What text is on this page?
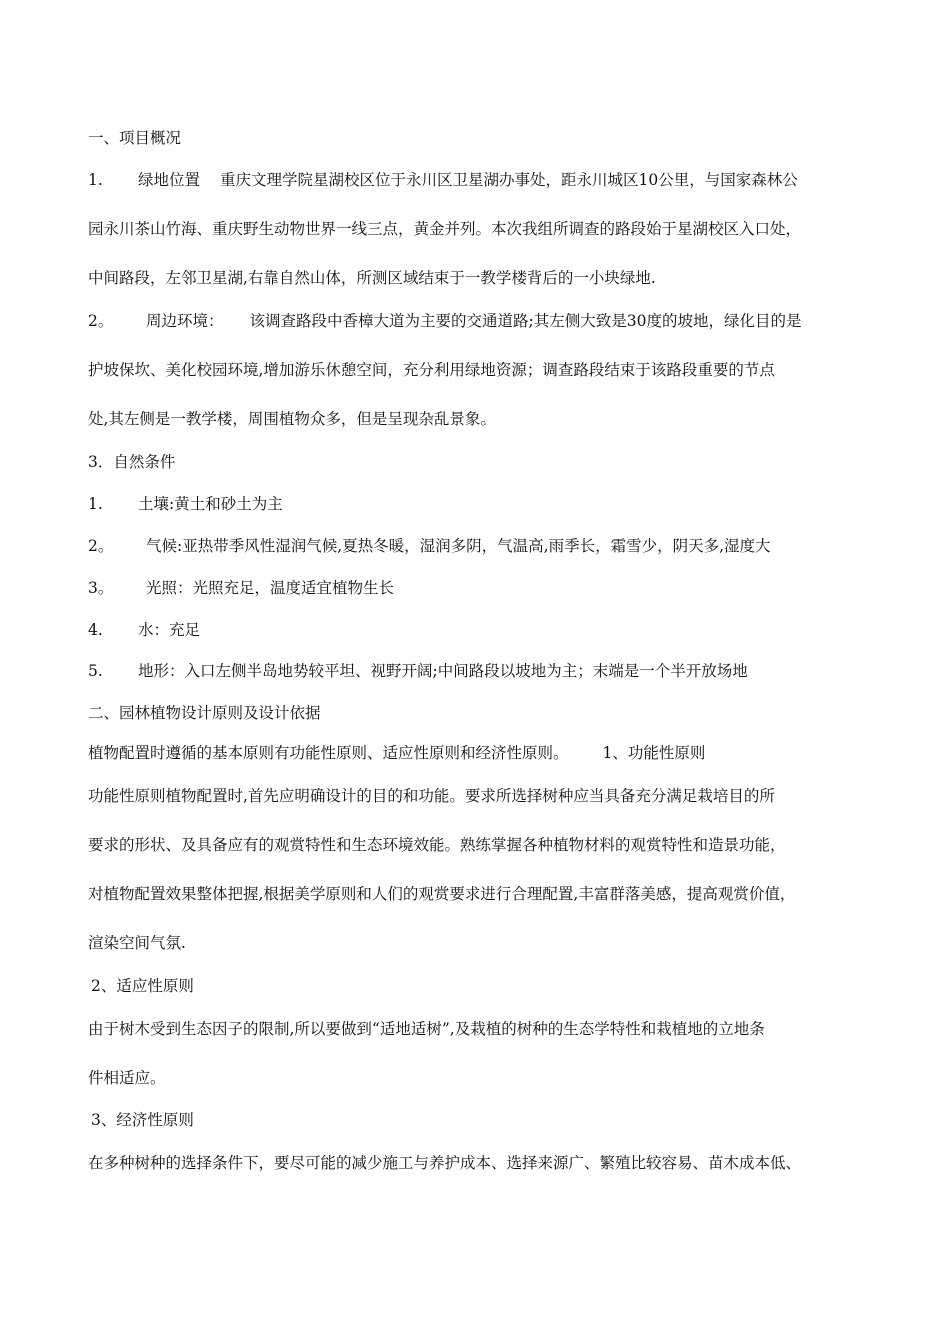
一、项目概况

1. 绿地位置 重庆文理学院星湖校区位于永川区卫星湖办事处，距永川城区10公里，与国家森林公

园永川茶山竹海、重庆野生动物世界一线三点，黄金并列。本次我组所调查的路段始于星湖校区入口处，

中间路段，左邻卫星湖,右靠自然山体，所测区域结束于一教学楼背后的一小块绿地.

2。 周边环境： 该调查路段中香樟大道为主要的交通道路;其左侧大致是30度的坡地，绿化目的是

护坡保坎、美化校园环境,增加游乐休憩空间，充分利用绿地资源；调查路段结束于该路段重要的节点

处,其左侧是一教学楼，周围植物众多，但是呈现杂乱景象。

3．自然条件

1. 土壤:黄土和砂土为主

2。 气候:亚热带季风性湿润气候,夏热冬暖，湿润多阴，气温高,雨季长，霜雪少，阴天多,湿度大

3。 光照：光照充足，温度适宜植物生长

4. 水：充足

5. 地形：入口左侧半岛地势较平坦、视野开阔;中间路段以坡地为主；末端是一个半开放场地

二、园林植物设计原则及设计依据

植物配置时遵循的基本原则有功能性原则、适应性原则和经济性原则。 1、功能性原则

功能性原则植物配置时,首先应明确设计的目的和功能。要求所选择树种应当具备充分满足栽培目的所

要求的形状、及具备应有的观赏特性和生态环境效能。熟练掌握各种植物材料的观赏特性和造景功能，

对植物配置效果整体把握,根据美学原则和人们的观赏要求进行合理配置,丰富群落美感，提高观赏价值，

渲染空间气氛.

2、适应性原则

由于树木受到生态因子的限制,所以要做到“适地适树”,及栽植的树种的生态学特性和栽植地的立地条

件相适应。

3、经济性原则

在多种树种的选择条件下，要尽可能的减少施工与养护成本、选择来源广、繁殖比较容易、苗木成本低、
